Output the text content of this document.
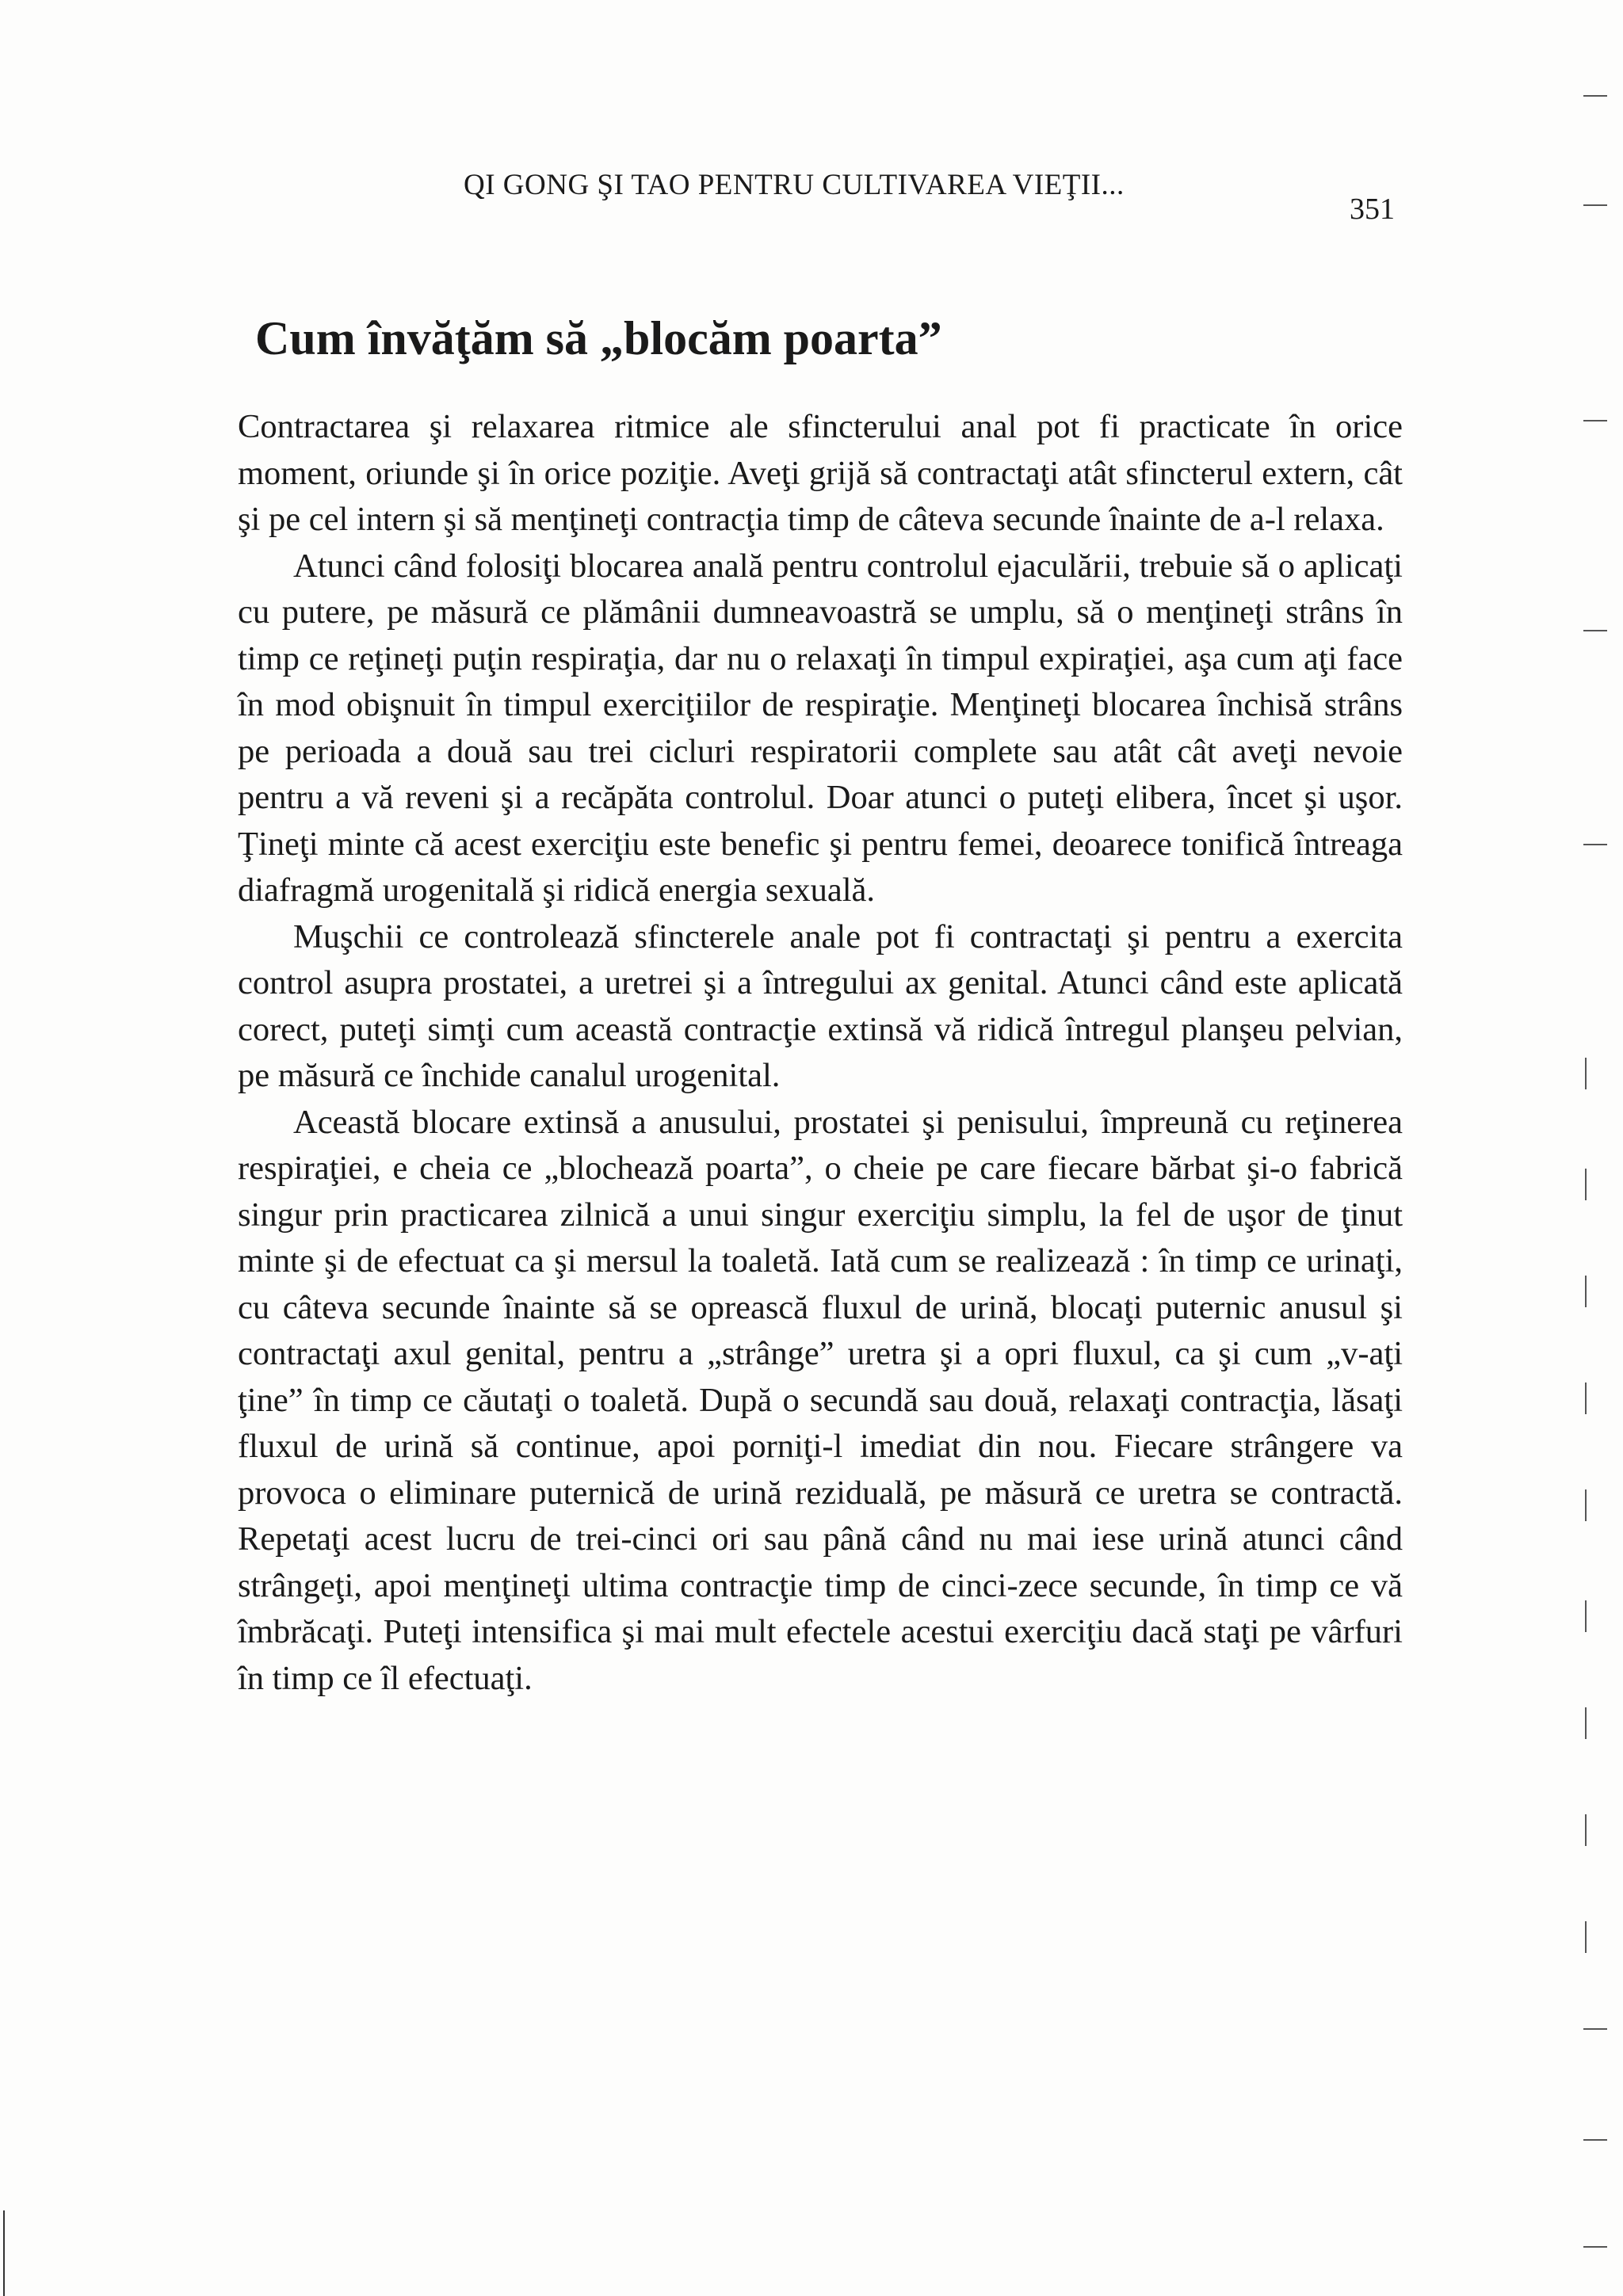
QI GONG ŞI TAO PENTRU CULTIVAREA VIEŢII...
351
Cum învăţăm să „blocăm poarta”

Contractarea şi relaxarea ritmice ale sfincterului anal pot fi practicate în orice moment, oriunde şi în orice poziţie. Aveţi grijă să contractaţi atât sfincterul extern, cât şi pe cel intern şi să menţineţi contracţia timp de câteva secunde înainte de a-l relaxa.

Atunci când folosiţi blocarea anală pentru controlul ejaculării, trebuie să o aplicaţi cu putere, pe măsură ce plămânii dumneavoastră se umplu, să o menţineţi strâns în timp ce reţineţi puţin respiraţia, dar nu o relaxaţi în timpul expiraţiei, aşa cum aţi face în mod obişnuit în timpul exerciţiilor de respiraţie. Menţineţi blocarea închisă strâns pe perioada a două sau trei cicluri respiratorii complete sau atât cât aveţi nevoie pentru a vă reveni şi a recăpăta controlul. Doar atunci o puteţi elibera, încet şi uşor. Ţineţi minte că acest exerciţiu este benefic şi pentru femei, deoarece tonifică întreaga diafragmă urogenitală şi ridică energia sexuală.

Muşchii ce controlează sfincterele anale pot fi contractaţi şi pentru a exercita control asupra prostatei, a uretrei şi a întregului ax genital. Atunci când este aplicată corect, puteţi simţi cum această contracţie extinsă vă ridică întregul planşeu pelvian, pe măsură ce închide canalul urogenital.

Această blocare extinsă a anusului, prostatei şi penisului, împreună cu reţinerea respiraţiei, e cheia ce „blochează poarta”, o cheie pe care fiecare bărbat şi-o fabrică singur prin practicarea zilnică a unui singur exerciţiu simplu, la fel de uşor de ţinut minte şi de efectuat ca şi mersul la toaletă. Iată cum se realizează : în timp ce urinaţi, cu câteva secunde înainte să se oprească fluxul de urină, blocaţi puternic anusul şi contractaţi axul genital, pentru a „strânge” uretra şi a opri fluxul, ca şi cum „v-aţi ţine” în timp ce căutaţi o toaletă. După o secundă sau două, relaxaţi contracţia, lăsaţi fluxul de urină să continue, apoi porniţi-l imediat din nou. Fiecare strângere va provoca o eliminare puternică de urină reziduală, pe măsură ce uretra se contractă. Repetaţi acest lucru de trei-cinci ori sau până când nu mai iese urină atunci când strângeţi, apoi menţineţi ultima contracţie timp de cinci-zece secunde, în timp ce vă îmbrăcaţi. Puteţi intensifica şi mai mult efectele acestui exerciţiu dacă staţi pe vârfuri în timp ce îl efectuaţi.
